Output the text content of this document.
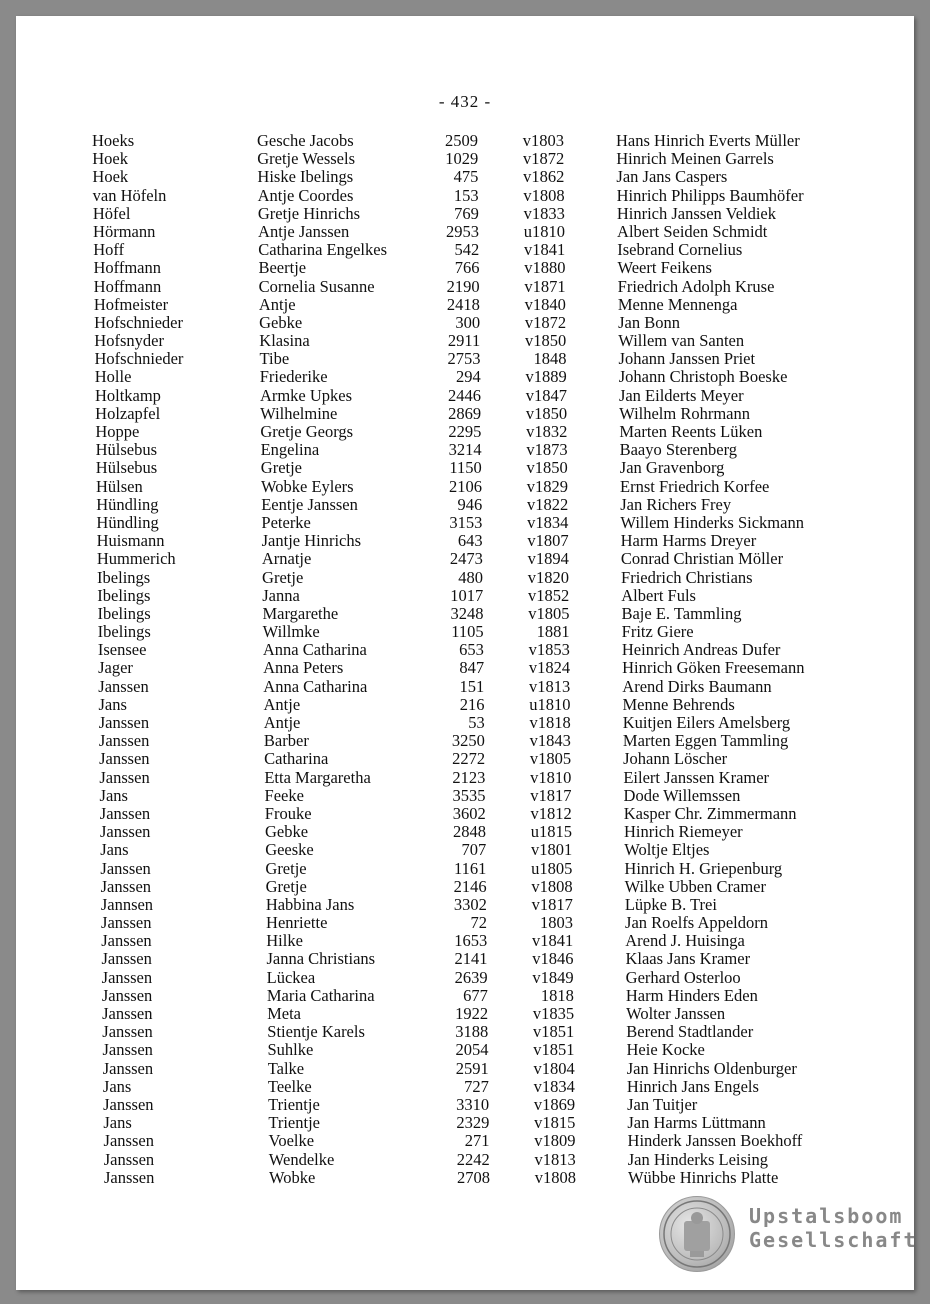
- 432 -
Hoeks	Gesche Jacobs	2509	v1803	Hans Hinrich Everts Müller
Hoek	Gretje Wessels	1029	v1872	Hinrich Meinen Garrels
Hoek	Hiske Ibelings	475	v1862	Jan Jans Caspers
van Höfeln	Antje Coordes	153	v1808	Hinrich Philipps Baumhöfer
Höfel	Gretje Hinrichs	769	v1833	Hinrich Janssen Veldiek
Hörmann	Antje Janssen	2953	u1810	Albert Seiden Schmidt
Hoff	Catharina Engelkes	542	v1841	Isebrand Cornelius
Hoffmann	Beertje	766	v1880	Weert Feikens
Hoffmann	Cornelia Susanne	2190	v1871	Friedrich Adolph Kruse
Hofmeister	Antje	2418	v1840	Menne Mennenga
Hofschnieder	Gebke	300	v1872	Jan Bonn
Hofsnyder	Klasina	2911	v1850	Willem van Santen
Hofschnieder	Tibe	2753	1848	Johann Janssen Priet
Holle	Friederike	294	v1889	Johann Christoph Boeske
Holtkamp	Armke Upkes	2446	v1847	Jan Eilderts Meyer
Holzapfel	Wilhelmine	2869	v1850	Wilhelm Rohrmann
Hoppe	Gretje Georgs	2295	v1832	Marten Reents Lüken
Hülsebus	Engelina	3214	v1873	Baayo Sterenberg
Hülsebus	Gretje	1150	v1850	Jan Gravenborg
Hülsen	Wobke Eylers	2106	v1829	Ernst Friedrich Korfee
Hündling	Eentje Janssen	946	v1822	Jan Richers Frey
Hündling	Peterke	3153	v1834	Willem Hinderks Sickmann
Huismann	Jantje Hinrichs	643	v1807	Harm Harms Dreyer
Hummerich	Arnatje	2473	v1894	Conrad Christian Möller
Ibelings	Gretje	480	v1820	Friedrich Christians
Ibelings	Janna	1017	v1852	Albert Fuls
Ibelings	Margarethe	3248	v1805	Baje E. Tammling
Ibelings	Willmke	1105	1881	Fritz Giere
Isensee	Anna Catharina	653	v1853	Heinrich Andreas Dufer
Jager	Anna Peters	847	v1824	Hinrich Göken Freesemann
Janssen	Anna Catharina	151	v1813	Arend Dirks Baumann
Jans	Antje	216	u1810	Menne Behrends
Janssen	Antje	53	v1818	Kuitjen Eilers Amelsberg
Janssen	Barber	3250	v1843	Marten Eggen Tammling
Janssen	Catharina	2272	v1805	Johann Löscher
Janssen	Etta Margaretha	2123	v1810	Eilert Janssen Kramer
Jans	Feeke	3535	v1817	Dode Willemssen
Janssen	Frouke	3602	v1812	Kasper Chr. Zimmermann
Janssen	Gebke	2848	u1815	Hinrich Riemeyer
Jans	Geeske	707	v1801	Woltje Eltjes
Janssen	Gretje	1161	u1805	Hinrich H. Griepenburg
Janssen	Gretje	2146	v1808	Wilke Ubben Cramer
Jannsen	Habbina Jans	3302	v1817	Lüpke B. Trei
Janssen	Henriette	72	1803	Jan Roelfs Appeldorn
Janssen	Hilke	1653	v1841	Arend J. Huisinga
Janssen	Janna Christians	2141	v1846	Klaas Jans Kramer
Janssen	Lückea	2639	v1849	Gerhard Osterloo
Janssen	Maria Catharina	677	1818	Harm Hinders Eden
Janssen	Meta	1922	v1835	Wolter Janssen
Janssen	Stientje Karels	3188	v1851	Berend Stadtlander
Janssen	Suhlke	2054	v1851	Heie Kocke
Janssen	Talke	2591	v1804	Jan Hinrichs Oldenburger
Jans	Teelke	727	v1834	Hinrich Jans Engels
Janssen	Trientje	3310	v1869	Jan Tuitjer
Jans	Trientje	2329	v1815	Jan Harms Lüttmann
Janssen	Voelke	271	v1809	Hinderk Janssen Boekhoff
Janssen	Wendelke	2242	v1813	Jan Hinderks Leising
Janssen	Wobke	2708	v1808	Wübbe Hinrichs Platte
Upstalsboom
Gesellschaft
